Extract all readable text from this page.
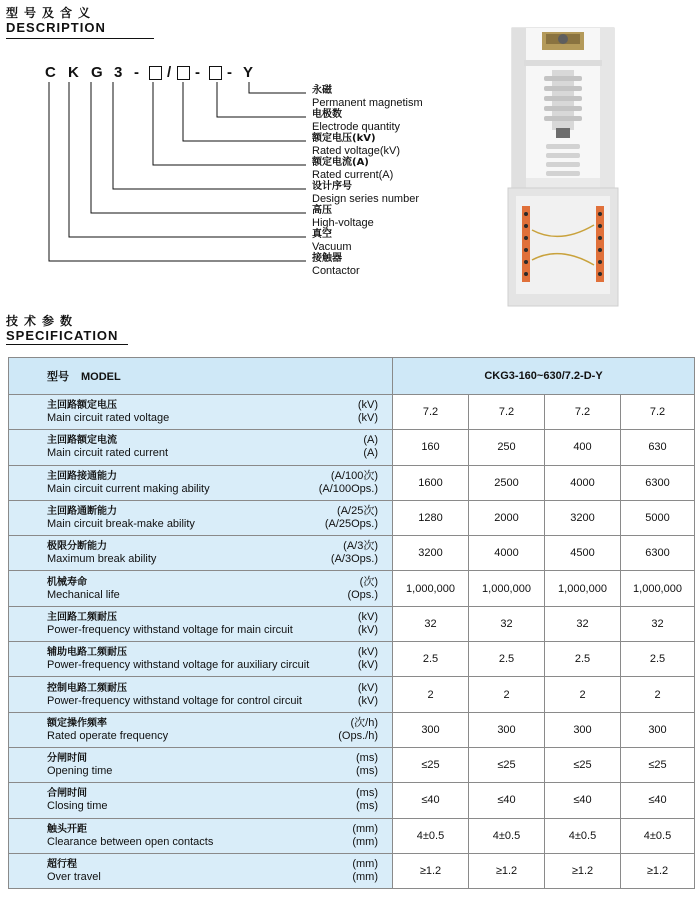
型号及含义
DESCRIPTION
C K G 3 - / - - Y
永磁
Permanent magnetism
电极数
Electrode quantity
额定电压(kV)
Rated voltage(kV)
额定电流(A)
Rated current(A)
设计序号
Design series number
高压
High-voltage
真空
Vacuum
接触器
Contactor
技术参数
SPECIFICATION
型号 MODEL	CKG3-160~630/7.2-D-Y			

主回路额定电压
Main circuit rated voltage
(kV)
(kV)	7.2	7.2	7.2	7.2

主回路额定电流
Main circuit rated current
(A)
(A)	160	250	400	630

主回路接通能力
Main circuit current making ability
(A/100次)
(A/100Ops.)	1600	2500	4000	6300

主回路通断能力
Main circuit break-make ability
(A/25次)
(A/25Ops.)	1280	2000	3200	5000

极限分断能力
Maximum break ability
(A/3次)
(A/3Ops.)	3200	4000	4500	6300

机械寿命
Mechanical life
(次)
(Ops.)	1,000,000	1,000,000	1,000,000	1,000,000

主回路工频耐压
Power-frequency withstand voltage for main circuit
(kV)
(kV)	32	32	32	32

辅助电路工频耐压
Power-frequency withstand voltage for auxiliary circuit
(kV)
(kV)	2.5	2.5	2.5	2.5

控制电路工频耐压
Power-frequency withstand voltage for control circuit
(kV)
(kV)	2	2	2	2

额定操作频率
Rated operate frequency
(次/h)
(Ops./h)	300	300	300	300

分闸时间
Opening time
(ms)
(ms)	≤25	≤25	≤25	≤25

合闸时间
Closing time
(ms)
(ms)	≤40	≤40	≤40	≤40

触头开距
Clearance between open contacts
(mm)
(mm)	4±0.5	4±0.5	4±0.5	4±0.5

超行程
Over travel
(mm)
(mm)	≥1.2	≥1.2	≥1.2	≥1.2
